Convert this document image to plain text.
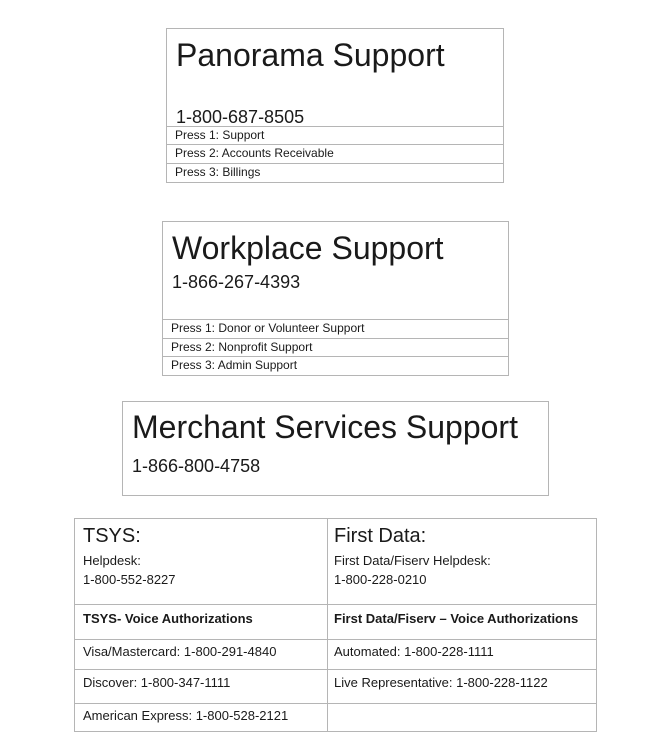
Panorama Support
1-800-687-8505
Press 1: Support
Press 2: Accounts Receivable
Press 3: Billings
Workplace Support
1-866-267-4393
Press 1: Donor or Volunteer Support
Press 2: Nonprofit Support
Press 3: Admin Support
Merchant Services Support
1-866-800-4758
TSYS:
Helpdesk:
1-800-552-8227
TSYS- Voice Authorizations
Visa/Mastercard: 1-800-291-4840
Discover: 1-800-347-1111
American Express: 1-800-528-2121
First Data:
First Data/Fiserv Helpdesk:
1-800-228-0210
First Data/Fiserv – Voice Authorizations
Automated: 1-800-228-1111
Live Representative: 1-800-228-1122
